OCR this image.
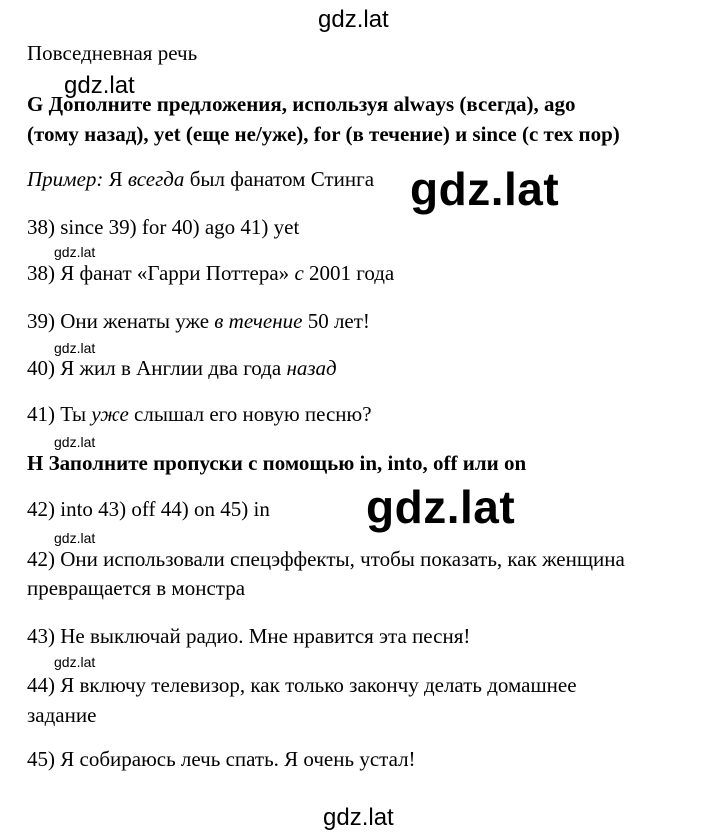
gdz.lat
Повседневная речь
G Дополните предложения, используя always (всегда), ago
(тому назад), yet (еще не/уже), for (в течение) и since (с тех пор)
Пример: Я всегда был фанатом Стинга
38) since 39) for 40) ago 41) yet
38) Я фанат «Гарри Поттера» с 2001 года
39) Они женаты уже в течение 50 лет!
40) Я жил в Англии два года назад
41) Ты уже слышал его новую песню?
H Заполните пропуски с помощью in, into, off или on
42) into 43) off 44) on 45) in
42) Они использовали спецэффекты, чтобы показать, как женщина
превращается в монстра
43) Не выключай радио. Мне нравится эта песня!
44) Я включу телевизор, как только закончу делать домашнее
задание
45) Я собираюсь лечь спать. Я очень устал!
gdz.lat
gdz.lat
gdz.lat
gdz.lat
gdz.lat
gdz.lat
gdz.lat
gdz.lat
gdz.lat
